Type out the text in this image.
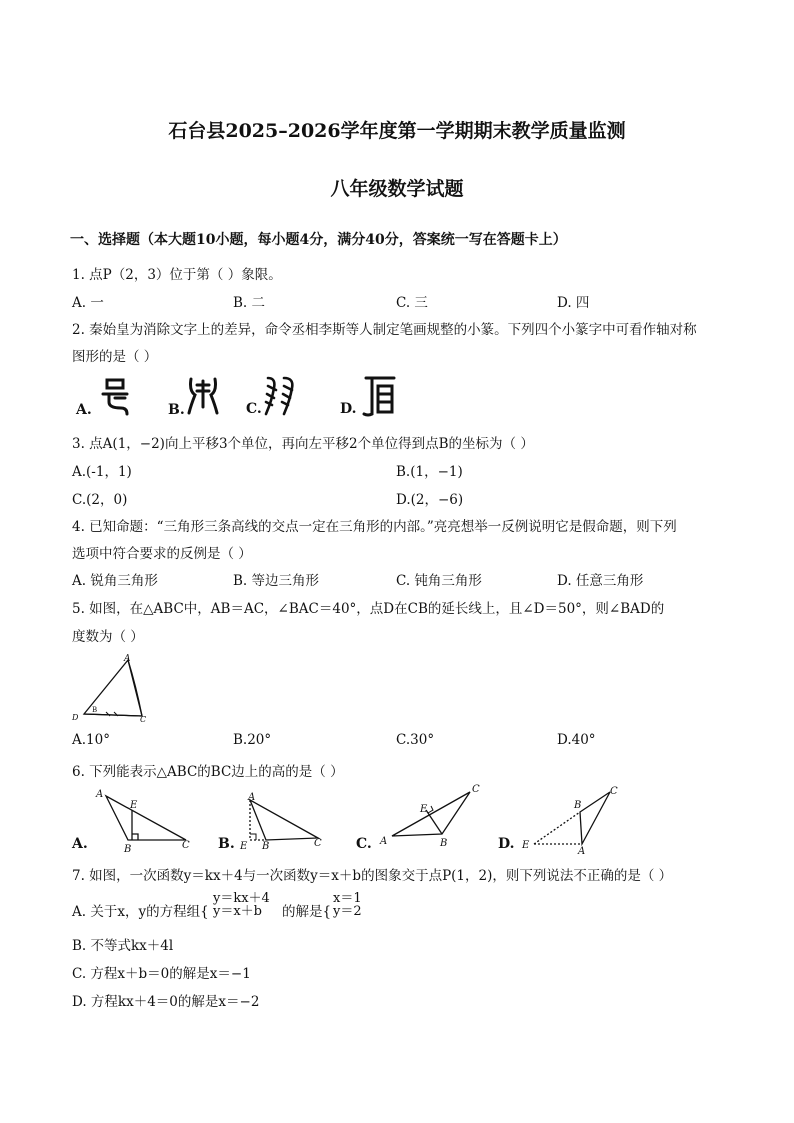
石台县2025–2026学年度第一学期期末教学质量监测
八年级数学试题
一、选择题（本大题10小题，每小题4分，满分40分，答案统一写在答题卡上）
1. 点P（2，3）位于第（ ）象限。
A. 一	B. 二	C. 三	D. 四
2. 秦始皇为消除文字上的差异，命令丞相李斯等人制定笔画规整的小篆。下列四个小篆字中可看作轴对称
图形的是（ ）
A.	B.	C.	D.
3. 点A(1，−2)向上平移3个单位，再向左平移2个单位得到点B的坐标为（ ）
A.(-1，1)	B.(1，−1)
C.(2，0)	D.(2，−6)
4. 已知命题：“三角形三条高线的交点一定在三角形的内部。”亮亮想举一反例说明它是假命题，则下列
选项中符合要求的反例是（ ）
A. 锐角三角形	B. 等边三角形	C. 钝角三角形	D. 任意三角形
5. 如图，在△ABC中，AB＝AC，∠BAC＝40°，点D在CB的延长线上，且∠D＝50°，则∠BAD的
度数为（ ）
A
D
B
C
A.10°	B.20°	C.30°	D.40°
6. 下列能表示△ABC的BC边上的高的是（ ）
A.
A
E
B	C B.
A
E B	C C.
E
C
A	B	D.
B
C
E
A
7. 如图，一次函数y＝kx＋4与一次函数y＝x＋b的图象交于点P(1，2)，则下列说法不正确的是（ ）
A. 关于x，y的方程组{
y＝kx＋4
y＝x＋b	的解是{
x＝1
y＝2
B. 不等式kx＋4l
C. 方程x＋b＝0的解是x＝−1
D. 方程kx＋4＝0的解是x＝−2
